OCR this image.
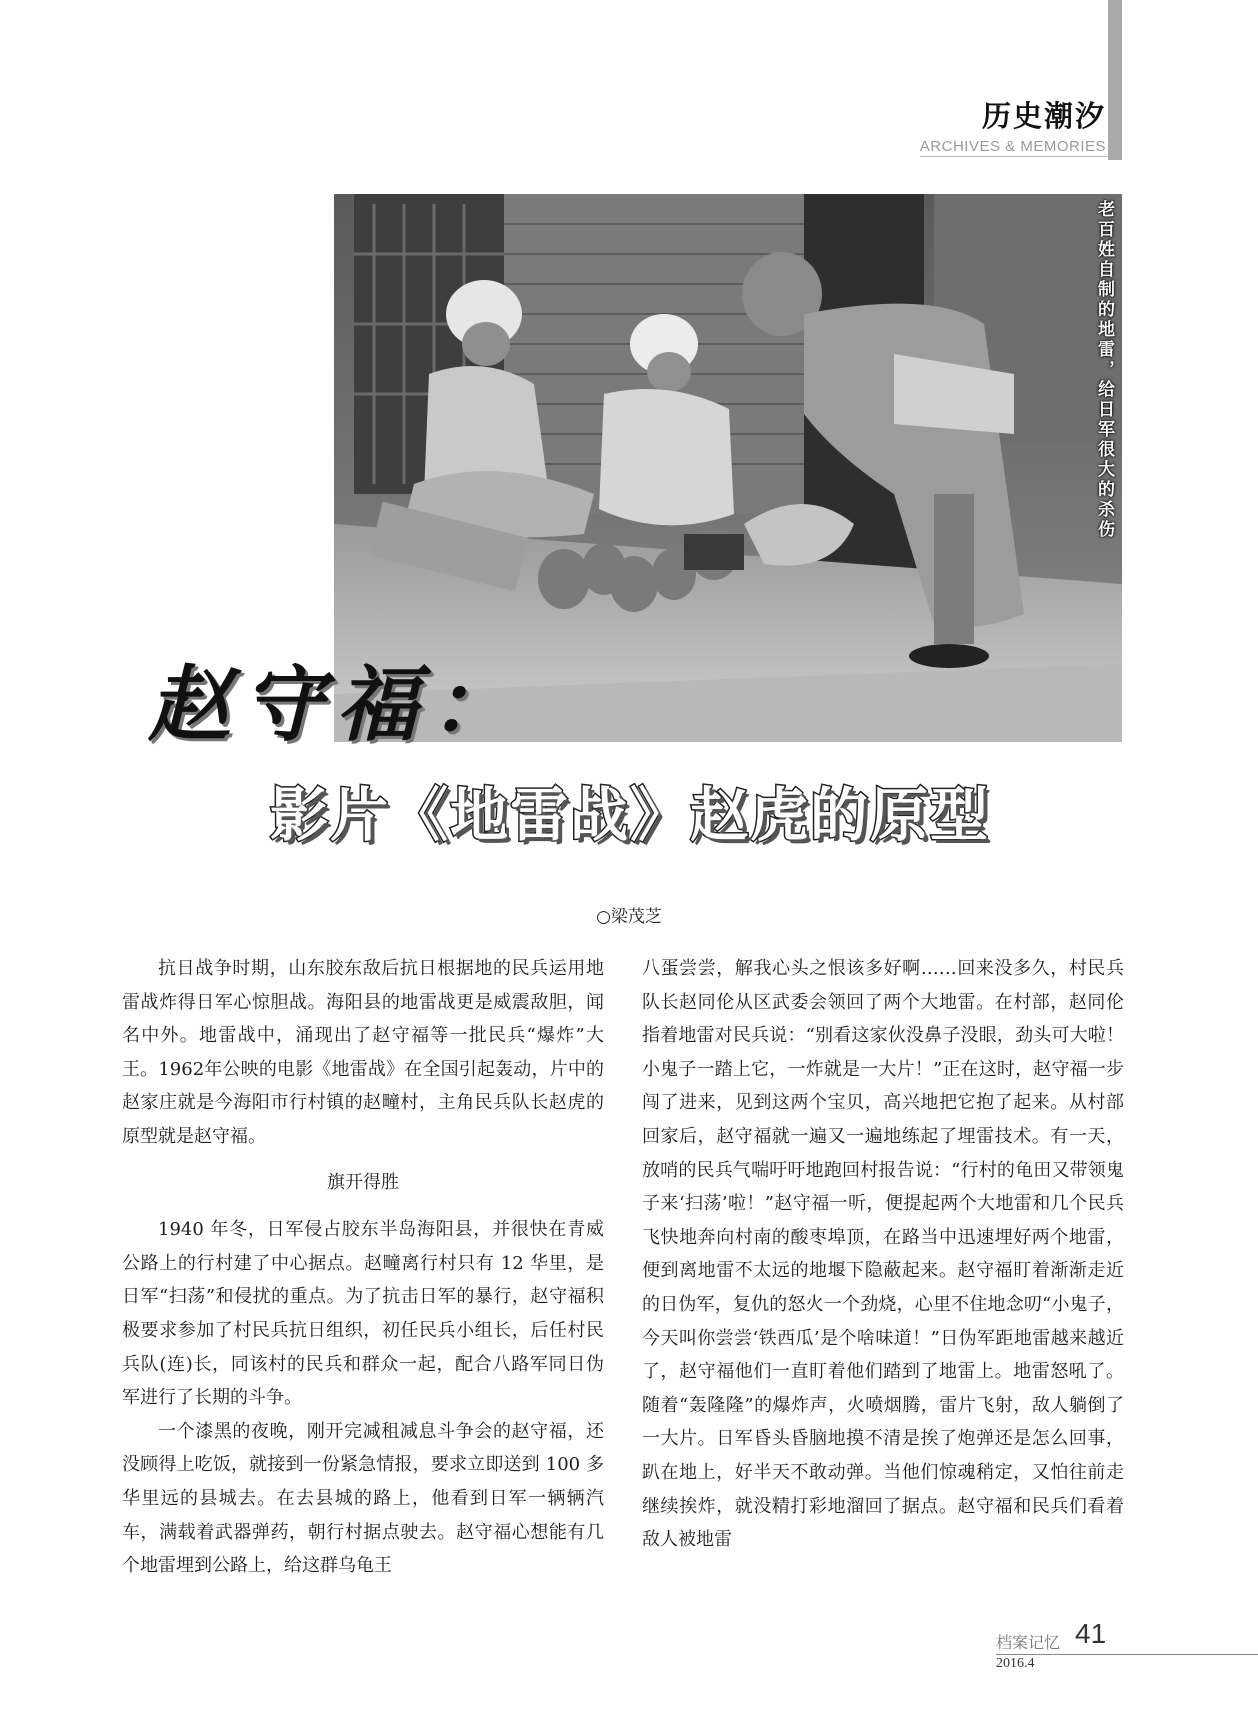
历史潮汐
ARCHIVES & MEMORIES
老百姓自制的地雷，给日军很大的杀伤
赵守福：
影片《地雷战》赵虎的原型
○梁茂芝

抗日战争时期，山东胶东敌后抗日根据地的民兵运用地雷战炸得日军心惊胆战。海阳县的地雷战更是威震敌胆，闻名中外。地雷战中，涌现出了赵守福等一批民兵“爆炸”大王。1962年公映的电影《地雷战》在全国引起轰动，片中的赵家庄就是今海阳市行村镇的赵疃村，主角民兵队长赵虎的原型就是赵守福。

旗开得胜

1940 年冬，日军侵占胶东半岛海阳县，并很快在青威公路上的行村建了中心据点。赵疃离行村只有 12 华里，是日军“扫荡”和侵扰的重点。为了抗击日军的暴行，赵守福积极要求参加了村民兵抗日组织，初任民兵小组长，后任村民兵队(连)长，同该村的民兵和群众一起，配合八路军同日伪军进行了长期的斗争。

一个漆黑的夜晚，刚开完减租减息斗争会的赵守福，还没顾得上吃饭，就接到一份紧急情报，要求立即送到 100 多华里远的县城去。在去县城的路上，他看到日军一辆辆汽车，满载着武器弹药，朝行村据点驶去。赵守福心想能有几个地雷埋到公路上，给这群乌龟王

八蛋尝尝，解我心头之恨该多好啊……回来没多久，村民兵队长赵同伦从区武委会领回了两个大地雷。在村部，赵同伦指着地雷对民兵说：“别看这家伙没鼻子没眼，劲头可大啦！小鬼子一踏上它，一炸就是一大片！”正在这时，赵守福一步闯了进来，见到这两个宝贝，高兴地把它抱了起来。从村部回家后，赵守福就一遍又一遍地练起了埋雷技术。有一天，放哨的民兵气喘吁吁地跑回村报告说：“行村的龟田又带领鬼子来‘扫荡’啦！”赵守福一听，便提起两个大地雷和几个民兵飞快地奔向村南的酸枣埠顶，在路当中迅速埋好两个地雷，便到离地雷不太远的地堰下隐蔽起来。赵守福盯着渐渐走近的日伪军，复仇的怒火一个劲烧，心里不住地念叨“小鬼子，今天叫你尝尝‘铁西瓜’是个啥味道！”日伪军距地雷越来越近了，赵守福他们一直盯着他们踏到了地雷上。地雷怒吼了。随着“轰隆隆”的爆炸声，火喷烟腾，雷片飞射，敌人躺倒了一大片。日军昏头昏脑地摸不清是挨了炮弹还是怎么回事，趴在地上，好半天不敢动弹。当他们惊魂稍定，又怕往前走继续挨炸，就没精打彩地溜回了据点。赵守福和民兵们看着敌人被地雷

档案记忆 41
2016.4
